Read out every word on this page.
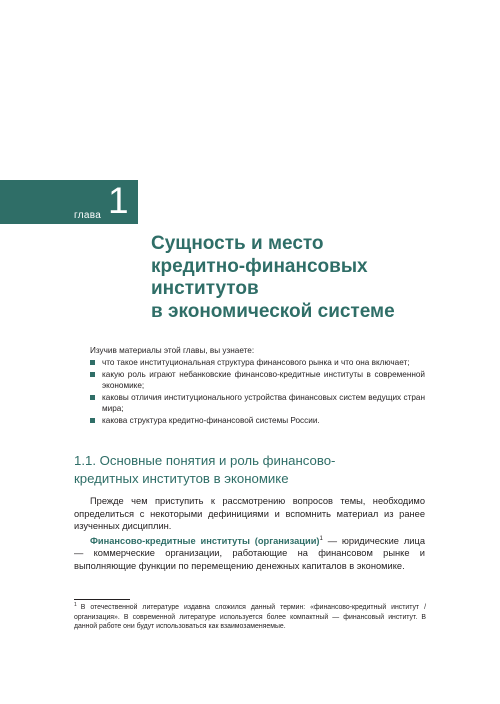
глава 1
Сущность и место
кредитно-финансовых
институтов
в экономической системе

Изучив материалы этой главы, вы узнаете:

что такое институциональная структура финансового рынка и что она включает;
какую роль играют небанковские финансово-кредитные институты в современной экономике;
каковы отличия институционального устройства финансовых систем ведущих стран мира;
какова структура кредитно-финансовой системы России.
1.1. Основные понятия и роль финансово-
кредитных институтов в экономике

Прежде чем приступить к рассмотрению вопросов темы, необходимо определиться с некоторыми дефинициями и вспомнить материал из ранее изученных дисциплин.

Финансово-кредитные институты (организации)$^1$ — юридические лица — коммерческие организации, работающие на финансовом рынке и выполняющие функции по перемещению денежных капиталов в экономике.

$^1$ В отечественной литературе издавна сложился данный термин: «финансово-кредитный институт / организация». В современной литературе используется более компактный — финансовый институт. В данной работе они будут использоваться как взаимозаменяемые.
